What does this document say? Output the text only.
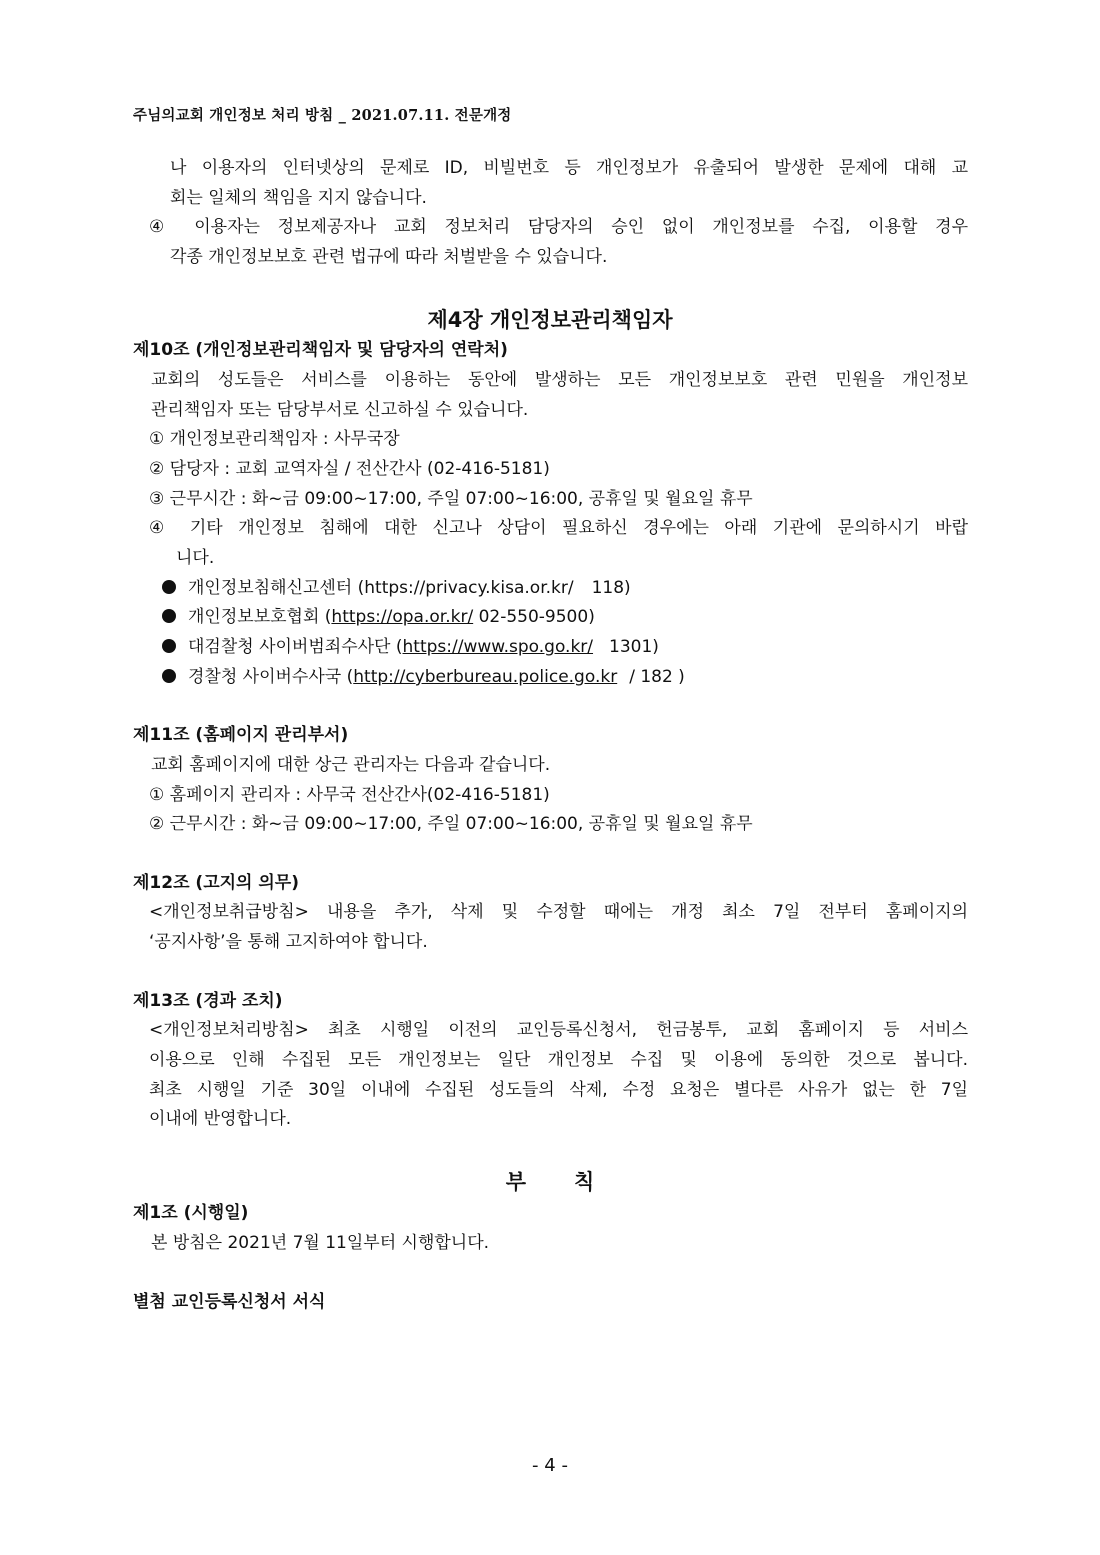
주님의교회 개인정보 처리 방침 _ 2021.07.11. 전문개정
나 이용자의 인터넷상의 문제로 ID, 비빌번호 등 개인정보가 유출되어 발생한 문제에 대해 교
회는 일체의 책임을 지지 않습니다.
④ 이용자는 정보제공자나 교회 정보처리 담당자의 승인 없이 개인정보를 수집, 이용할 경우
각종 개인정보보호 관련 법규에 따라 처벌받을 수 있습니다.
제4장 개인정보관리책임자
제10조 (개인정보관리책임자 및 담당자의 연락처)
교회의 성도들은 서비스를 이용하는 동안에 발생하는 모든 개인정보보호 관련 민원을 개인정보
관리책임자 또는 담당부서로 신고하실 수 있습니다.
① 개인정보관리책임자 : 사무국장
② 담당자 : 교회 교역자실 / 전산간사 (02-416-5181)
③ 근무시간 : 화~금 09:00~17:00, 주일 07:00~16:00, 공휴일 및 월요일 휴무
④ 기타 개인정보 침해에 대한 신고나 상담이 필요하신 경우에는 아래 기관에 문의하시기 바랍
니다.
개인정보침해신고센터 (https://privacy.kisa.or.kr/ 118)
개인정보보호협회 (https://opa.or.kr/ 02-550-9500)
대검찰청 사이버범죄수사단 (https://www.spo.go.kr/ 1301)
경찰청 사이버수사국 (http://cyberbureau.police.go.kr / 182 )
제11조 (홈페이지 관리부서)
교회 홈페이지에 대한 상근 관리자는 다음과 같습니다.
① 홈페이지 관리자 : 사무국 전산간사(02-416-5181)
② 근무시간 : 화~금 09:00~17:00, 주일 07:00~16:00, 공휴일 및 월요일 휴무
제12조 (고지의 의무)
<개인정보취급방침> 내용을 추가, 삭제 및 수정할 때에는 개정 최소 7일 전부터 홈페이지의
‘공지사항’을 통해 고지하여야 합니다.
제13조 (경과 조치)
<개인정보처리방침> 최초 시행일 이전의 교인등록신청서, 헌금봉투, 교회 홈페이지 등 서비스
이용으로 인해 수집된 모든 개인정보는 일단 개인정보 수집 및 이용에 동의한 것으로 봅니다.
최초 시행일 기준 30일 이내에 수집된 성도들의 삭제, 수정 요청은 별다른 사유가 없는 한 7일
이내에 반영합니다.
부 칙
제1조 (시행일)
본 방침은 2021년 7월 11일부터 시행합니다.
별첨 교인등록신청서 서식
- 4 -
